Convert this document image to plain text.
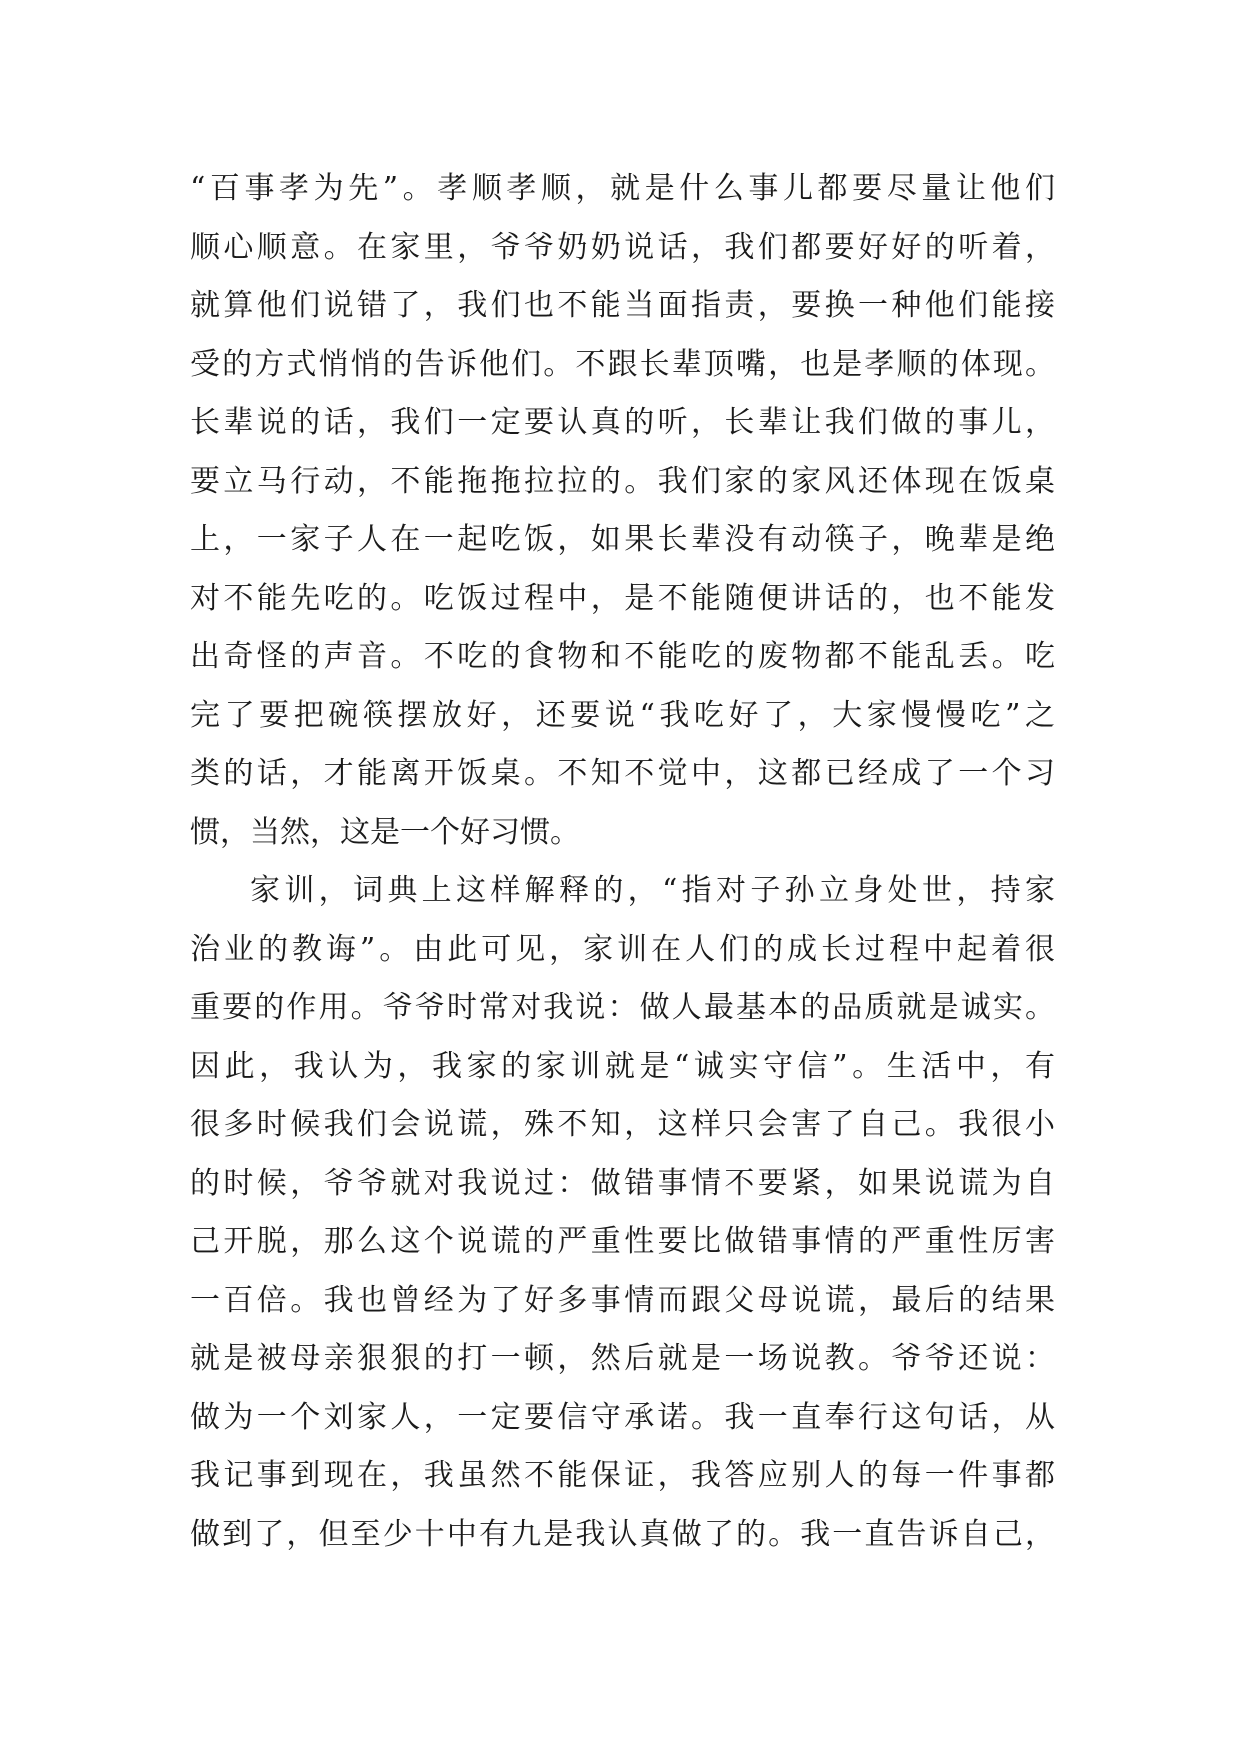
“百事孝为先”。孝顺孝顺，就是什么事儿都要尽量让他们
顺心顺意。在家里，爷爷奶奶说话，我们都要好好的听着，
就算他们说错了，我们也不能当面指责，要换一种他们能接
受的方式悄悄的告诉他们。不跟长辈顶嘴，也是孝顺的体现。
长辈说的话，我们一定要认真的听，长辈让我们做的事儿，
要立马行动，不能拖拖拉拉的。我们家的家风还体现在饭桌
上，一家子人在一起吃饭，如果长辈没有动筷子，晚辈是绝
对不能先吃的。吃饭过程中，是不能随便讲话的，也不能发
出奇怪的声音。不吃的食物和不能吃的废物都不能乱丢。吃
完了要把碗筷摆放好，还要说“我吃好了，大家慢慢吃”之
类的话，才能离开饭桌。不知不觉中，这都已经成了一个习
惯，当然，这是一个好习惯。
家训，词典上这样解释的，“指对子孙立身处世，持家
治业的教诲”。由此可见，家训在人们的成长过程中起着很
重要的作用。爷爷时常对我说：做人最基本的品质就是诚实。
因此，我认为，我家的家训就是“诚实守信”。生活中，有
很多时候我们会说谎，殊不知，这样只会害了自己。我很小
的时候，爷爷就对我说过：做错事情不要紧，如果说谎为自
己开脱，那么这个说谎的严重性要比做错事情的严重性厉害
一百倍。我也曾经为了好多事情而跟父母说谎，最后的结果
就是被母亲狠狠的打一顿，然后就是一场说教。爷爷还说：
做为一个刘家人，一定要信守承诺。我一直奉行这句话，从
我记事到现在，我虽然不能保证，我答应别人的每一件事都
做到了，但至少十中有九是我认真做了的。我一直告诉自己，
